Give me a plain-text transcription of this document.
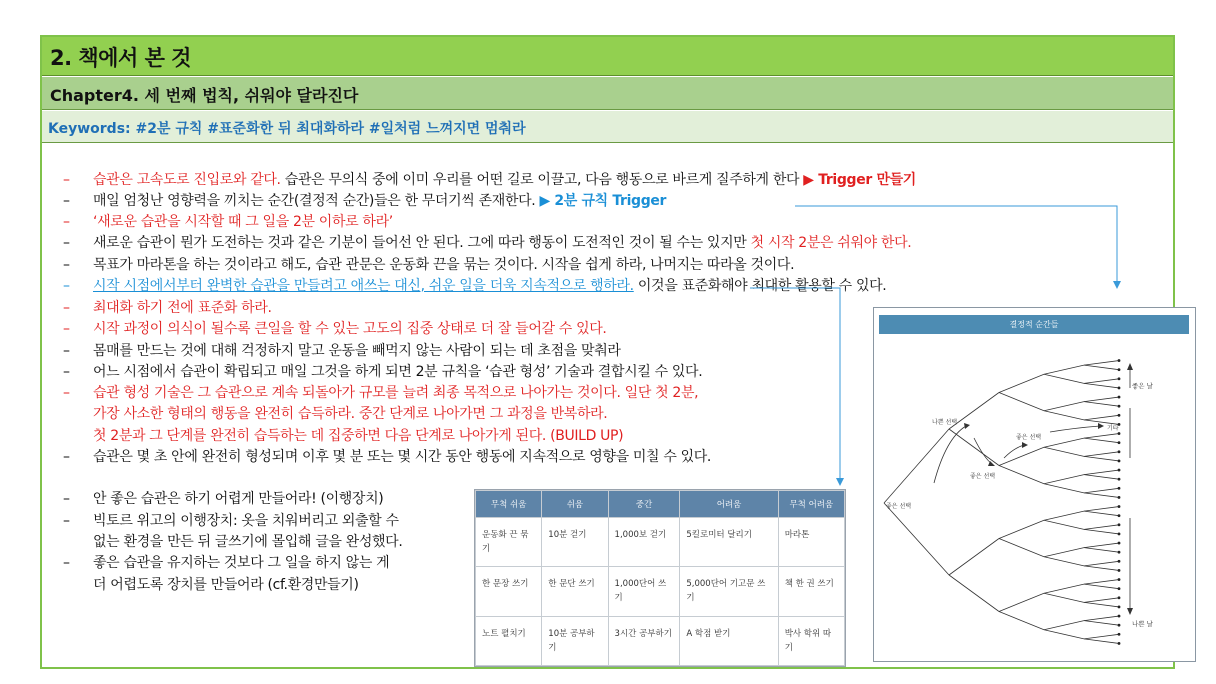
2. 책에서 본 것
Chapter4. 세 번째 법칙, 쉬워야 달라진다
Keywords: #2분 규칙 #표준화한 뒤 최대화하라 #일처럼 느껴지면 멈춰라
– 습관은 고속도로 진입로와 같다. 습관은 무의식 중에 이미 우리를 어떤 길로 이끌고, 다음 행동으로 바르게 질주하게 한다 ▶ Trigger 만들기
– 매일 엄청난 영향력을 끼치는 순간(결정적 순간)들은 한 무더기씩 존재한다. ▶ 2분 규칙 Trigger
– ‘새로운 습관을 시작할 때 그 일을 2분 이하로 하라’
– 새로운 습관이 뭔가 도전하는 것과 같은 기분이 들어선 안 된다. 그에 따라 행동이 도전적인 것이 될 수는 있지만 첫 시작 2분은 쉬워야 한다.
– 목표가 마라톤을 하는 것이라고 해도, 습관 관문은 운동화 끈을 묶는 것이다. 시작을 쉽게 하라, 나머지는 따라올 것이다.
– 시작 시점에서부터 완벽한 습관을 만들려고 애쓰는 대신, 쉬운 일을 더욱 지속적으로 행하라. 이것을 표준화해야 최대한 활용할 수 있다.
– 최대화 하기 전에 표준화 하라.
– 시작 과정이 의식이 될수록 큰일을 할 수 있는 고도의 집중 상태로 더 잘 들어갈 수 있다.
– 몸매를 만드는 것에 대해 걱정하지 말고 운동을 빼먹지 않는 사람이 되는 데 초점을 맞춰라
– 어느 시점에서 습관이 확립되고 매일 그것을 하게 되면 2분 규칙을 ‘습관 형성’ 기술과 결합시킬 수 있다.
– 습관 형성 기술은 그 습관으로 계속 되돌아가 규모를 늘려 최종 목적으로 나아가는 것이다. 일단 첫 2분,
가장 사소한 형태의 행동을 완전히 습득하라. 중간 단계로 나아가면 그 과정을 반복하라.
첫 2분과 그 단계를 완전히 습득하는 데 집중하면 다음 단계로 나아가게 된다. (BUILD UP)
– 습관은 몇 초 안에 완전히 형성되며 이후 몇 분 또는 몇 시간 동안 행동에 지속적으로 영향을 미칠 수 있다.
– 안 좋은 습관은 하기 어렵게 만들어라! (이행장치)
– 빅토르 위고의 이행장치: 옷을 치워버리고 외출할 수
없는 환경을 만든 뒤 글쓰기에 몰입해 글을 완성했다.
– 좋은 습관을 유지하는 것보다 그 일을 하지 않는 게
더 어렵도록 장치를 만들어라 (cf.환경만들기)
무척 쉬움	쉬움	중간	어려움	무척 어려움
운동화 끈 묶기	10분 걷기	1,000보 걷기	5킬로미터 달리기	마라톤
한 문장 쓰기	한 문단 쓰기	1,000단어 쓰기	5,000단어 기고문 쓰기	책 한 권 쓰기
노트 펼치기	10분 공부하기	3시간 공부하기	A 학점 받기	박사 학위 따기
결정적 순간들
좋은 날
나쁜 날
좋은 선택
나쁜 선택
좋은 선택
좋은 선택
기타
